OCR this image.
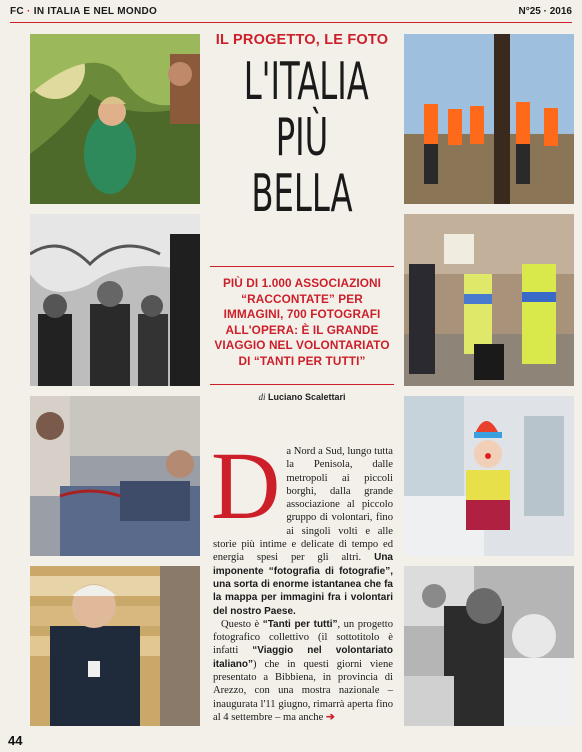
FC · IN ITALIA E NEL MONDO	N°25 · 2016
IL PROGETTO, LE FOTO
L'ITALIA
PIÙ
BELLA
PIÙ DI 1.000 ASSOCIAZIONI “RACCONTATE” PER IMMAGINI, 700 FOTOGRAFI ALL'OPERA: È IL GRANDE VIAGGIO NEL VOLONTARIATO DI “TANTI PER TUTTI”
di Luciano Scalettari
D a Nord a Sud, lungo tutta la Penisola, dalle metropoli ai piccoli borghi, dalla grande associazione al piccolo gruppo di volontari, fino ai singoli volti e alle storie più intime e delicate di tempo ed energia spesi per gli altri. Una imponente “fotografia di fotografie”, una sorta di enorme istantanea che fa la mappa per immagini fra i volontari del nostro Paese.

Questo è “Tanti per tutti”, un progetto fotografico collettivo (il sottotitolo è infatti “Viaggio nel volontariato italiano”) che in questi giorni viene presentato a Bibbiena, in provincia di Arezzo, con una mostra nazionale – inaugurata l'11 giugno, rimarrà aperta fino al 4 settembre – ma anche ➔

44
